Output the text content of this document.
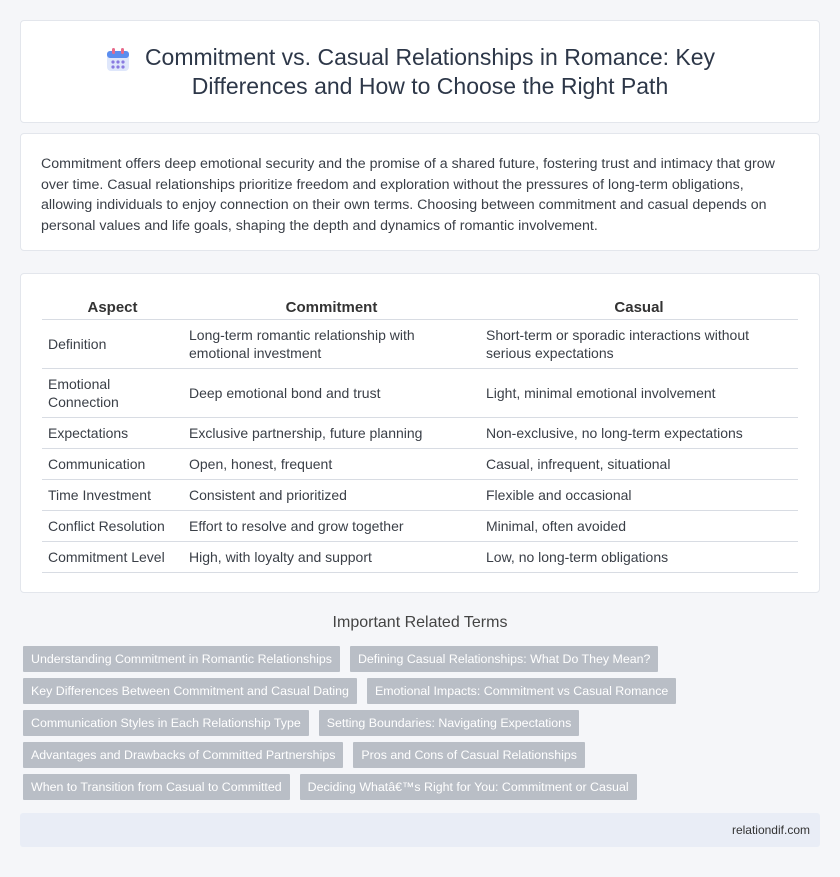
Commitment vs. Casual Relationships in Romance: Key Differences and How to Choose the Right Path

Commitment offers deep emotional security and the promise of a shared future, fostering trust and intimacy that grow over time. Casual relationships prioritize freedom and exploration without the pressures of long-term obligations, allowing individuals to enjoy connection on their own terms. Choosing between commitment and casual depends on personal values and life goals, shaping the depth and dynamics of romantic involvement.

Aspect	Commitment	Casual
Definition	Long-term romantic relationship with emotional investment	Short-term or sporadic interactions without serious expectations
Emotional Connection	Deep emotional bond and trust	Light, minimal emotional involvement
Expectations	Exclusive partnership, future planning	Non-exclusive, no long-term expectations
Communication	Open, honest, frequent	Casual, infrequent, situational
Time Investment	Consistent and prioritized	Flexible and occasional
Conflict Resolution	Effort to resolve and grow together	Minimal, often avoided
Commitment Level	High, with loyalty and support	Low, no long-term obligations
Important Related Terms
Understanding Commitment in Romantic Relationships Defining Casual Relationships: What Do They Mean?
Key Differences Between Commitment and Casual Dating Emotional Impacts: Commitment vs Casual Romance
Communication Styles in Each Relationship Type Setting Boundaries: Navigating Expectations
Advantages and Drawbacks of Committed Partnerships Pros and Cons of Casual Relationships
When to Transition from Casual to Committed Deciding Whatâ€™s Right for You: Commitment or Casual
relationdif.com
